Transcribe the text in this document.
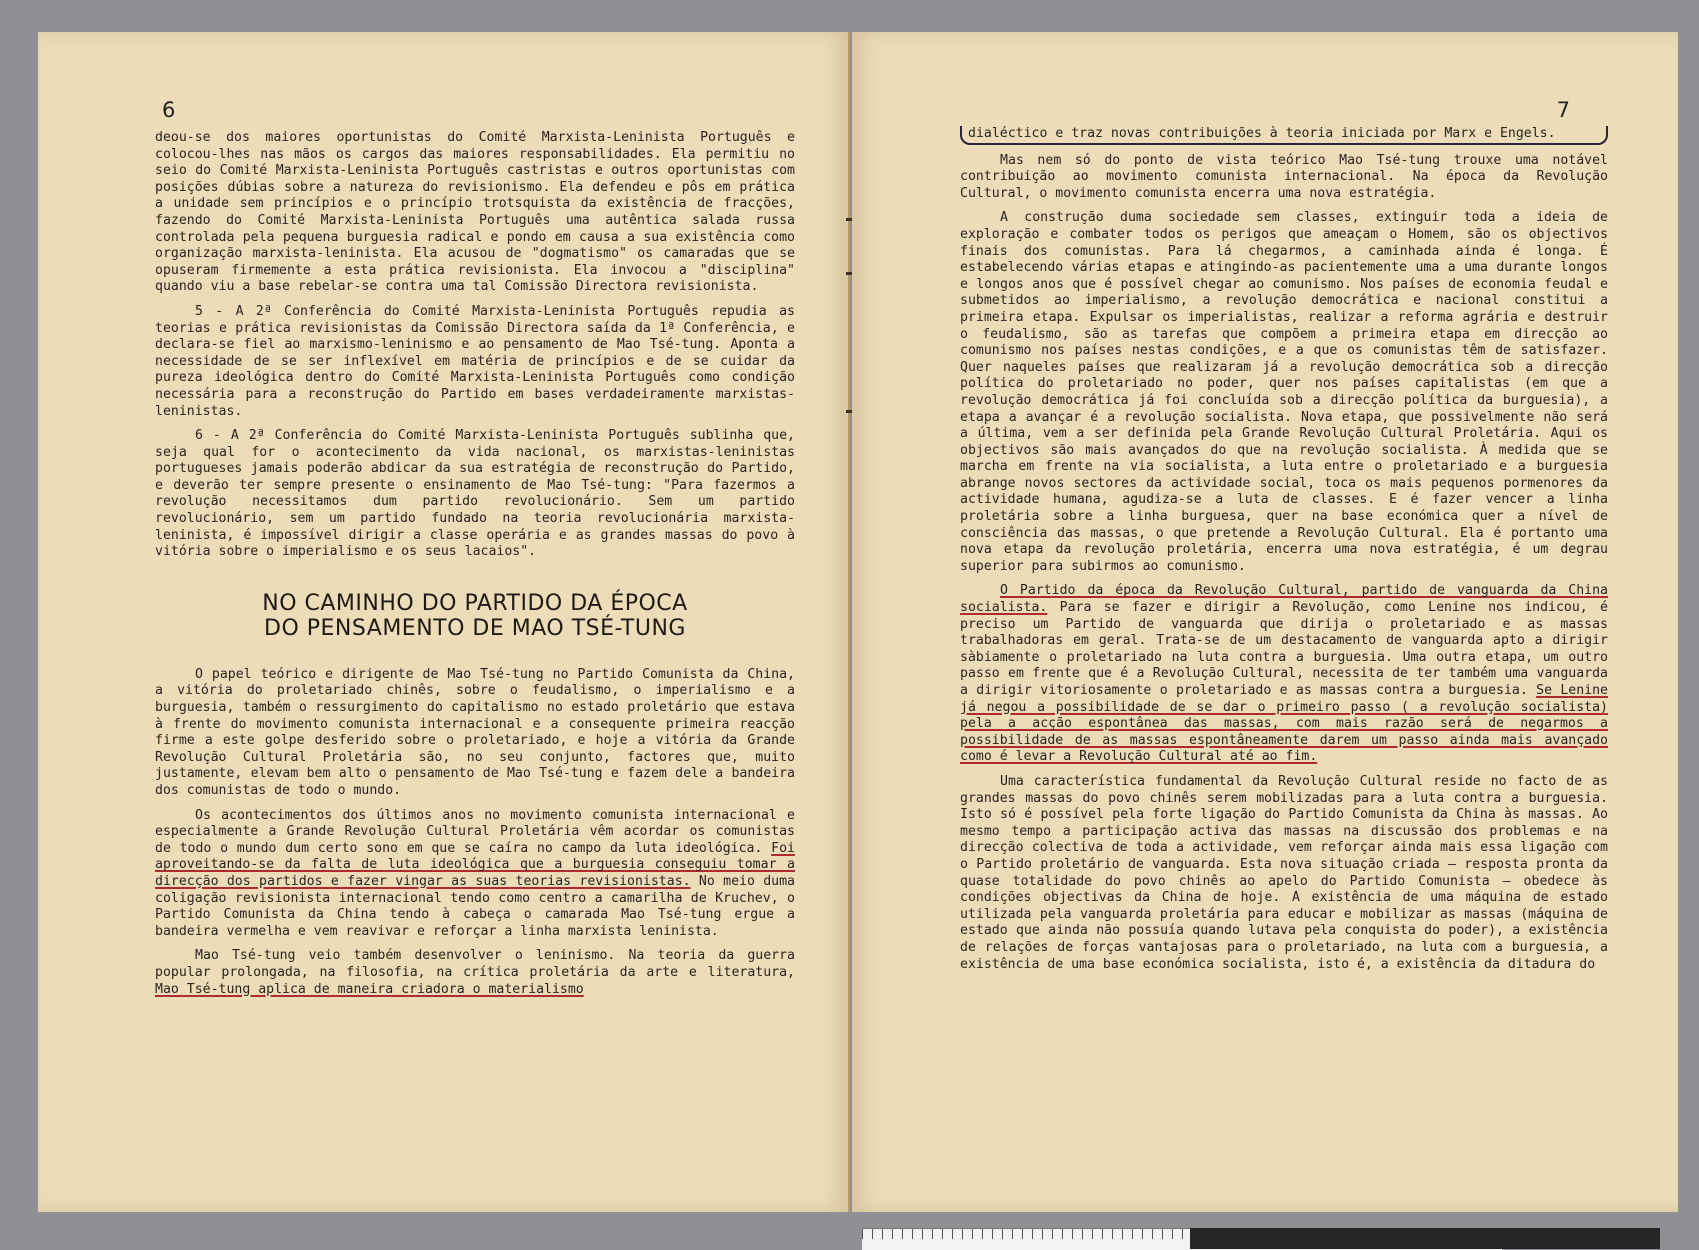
6

deou-se dos maiores oportunistas do Comité Marxista-Leninista Português e colocou-lhes nas mãos os cargos das maiores responsabilidades. Ela permitiu no seio do Comité Marxista-Leninista Português castristas e outros oportunistas com posições dúbias sobre a natureza do revisionismo. Ela defendeu e pôs em prática a unidade sem princípios e o princípio trotsquista da existência de fracções, fazendo do Comité Marxista-Leninista Português uma autêntica salada russa controlada pela pequena burguesia radical e pondo em causa a sua existência como organização marxista-leninista. Ela acusou de "dogmatismo" os camaradas que se opuseram firmemente a esta prática revisionista. Ela invocou a "disciplina" quando viu a base rebelar-se contra uma tal Comissão Directora revisionista.

5 - A 2ª Conferência do Comité Marxista-Leninista Português repudia as teorias e prática revisionistas da Comissão Directora saída da 1ª Conferência, e declara-se fiel ao marxismo-leninismo e ao pensamento de Mao Tsé-tung. Aponta a necessidade de se ser inflexível em matéria de princípios e de se cuidar da pureza ideológica dentro do Comité Marxista-Leninista Português como condição necessária para a reconstrução do Partido em bases verdadeiramente marxistas-leninistas.

6 - A 2ª Conferência do Comité Marxista-Leninista Português sublinha que, seja qual for o acontecimento da vida nacional, os marxistas-leninistas portugueses jamais poderão abdicar da sua estratégia de reconstrução do Partido, e deverão ter sempre presente o ensinamento de Mao Tsé-tung: "Para fazermos a revolução necessitamos dum partido revolucionário. Sem um partido revolucionário, sem um partido fundado na teoria revolucionária marxista-leninista, é impossível dirigir a classe operária e as grandes massas do povo à vitória sobre o imperialismo e os seus lacaios".

NO CAMINHO DO PARTIDO DA ÉPOCA
DO PENSAMENTO DE MAO TSÉ-TUNG

O papel teórico e dirigente de Mao Tsé-tung no Partido Comunista da China, a vitória do proletariado chinês, sobre o feudalismo, o imperialismo e a burguesia, também o ressurgimento do capitalismo no estado proletário que estava à frente do movimento comunista internacional e a consequente primeira reacção firme a este golpe desferido sobre o proletariado, e hoje a vitória da Grande Revolução Cultural Proletária são, no seu conjunto, factores que, muito justamente, elevam bem alto o pensamento de Mao Tsé-tung e fazem dele a bandeira dos comunistas de todo o mundo.

Os acontecimentos dos últimos anos no movimento comunista internacional e especialmente a Grande Revolução Cultural Proletária vêm acordar os comunistas de todo o mundo dum certo sono em que se caíra no campo da luta ideológica. Foi aproveitando-se da falta de luta ideológica que a burguesia conseguiu tomar a direcção dos partidos e fazer vingar as suas teorias revisionistas. No meio duma coligação revisionista internacional tendo como centro a camarilha de Kruchev, o Partido Comunista da China tendo à cabeça o camarada Mao Tsé-tung ergue a bandeira vermelha e vem reavivar e reforçar a linha marxista leninista.

Mao Tsé-tung veio também desenvolver o leninismo. Na teoria da guerra popular prolongada, na filosofia, na crítica proletária da arte e literatura, Mao Tsé-tung aplica de maneira criadora o materialismo

7

dialéctico e traz novas contribuições à teoria iniciada por Marx e Engels.

Mas nem só do ponto de vista teórico Mao Tsé-tung trouxe uma notável contribuição ao movimento comunista internacional. Na época da Revolução Cultural, o movimento comunista encerra uma nova estratégia.

A construção duma sociedade sem classes, extinguir toda a ideia de exploração e combater todos os perigos que ameaçam o Homem, são os objectivos finais dos comunistas. Para lá chegarmos, a caminhada ainda é longa. É estabelecendo várias etapas e atingindo-as pacientemente uma a uma durante longos e longos anos que é possível chegar ao comunismo. Nos países de economia feudal e submetidos ao imperialismo, a revolução democrática e nacional constitui a primeira etapa. Expulsar os imperialistas, realizar a reforma agrária e destruir o feudalismo, são as tarefas que compõem a primeira etapa em direcção ao comunismo nos países nestas condições, e a que os comunistas têm de satisfazer. Quer naqueles países que realizaram já a revolução democrática sob a direcção política do proletariado no poder, quer nos países capitalistas (em que a revolução democrática já foi concluída sob a direcção política da burguesia), a etapa a avançar é a revolução socialista. Nova etapa, que possivelmente não será a última, vem a ser definida pela Grande Revolução Cultural Proletária. Aqui os objectivos são mais avançados do que na revolução socialista. À medida que se marcha em frente na via socialista, a luta entre o proletariado e a burguesia abrange novos sectores da actividade social, toca os mais pequenos pormenores da actividade humana, agudiza-se a luta de classes. E é fazer vencer a linha proletária sobre a linha burguesa, quer na base económica quer a nível de consciência das massas, o que pretende a Revolução Cultural. Ela é portanto uma nova etapa da revolução proletária, encerra uma nova estratégia, é um degrau superior para subirmos ao comunismo.

O Partido da época da Revolução Cultural, partido de vanguarda da China socialista. Para se fazer e dirigir a Revolução, como Lenine nos indicou, é preciso um Partido de vanguarda que dirija o proletariado e as massas trabalhadoras em geral. Trata-se de um destacamento de vanguarda apto a dirigir sàbiamente o proletariado na luta contra a burguesia. Uma outra etapa, um outro passo em frente que é a Revolução Cultural, necessita de ter também uma vanguarda a dirigir vitoriosamente o proletariado e as massas contra a burguesia. Se Lenine já negou a possibilidade de se dar o primeiro passo ( a revolução socialista) pela a acção espontânea das massas, com mais razão será de negarmos a possibilidade de as massas espontâneamente darem um passo ainda mais avançado como é levar a Revolução Cultural até ao fim.

Uma característica fundamental da Revolução Cultural reside no facto de as grandes massas do povo chinês serem mobilizadas para a luta contra a burguesia. Isto só é possível pela forte ligação do Partido Comunista da China às massas. Ao mesmo tempo a participação activa das massas na discussão dos problemas e na direcção colectiva de toda a actividade, vem reforçar ainda mais essa ligação com o Partido proletário de vanguarda. Esta nova situação criada — resposta pronta da quase totalidade do povo chinês ao apelo do Partido Comunista — obedece às condições objectivas da China de hoje. A existência de uma máquina de estado utilizada pela vanguarda proletária para educar e mobilizar as massas (máquina de estado que ainda não possuía quando lutava pela conquista do poder), a existência de relações de forças vantajosas para o proletariado, na luta com a burguesia, a existência de uma base económica socialista, isto é, a existência da ditadura do
